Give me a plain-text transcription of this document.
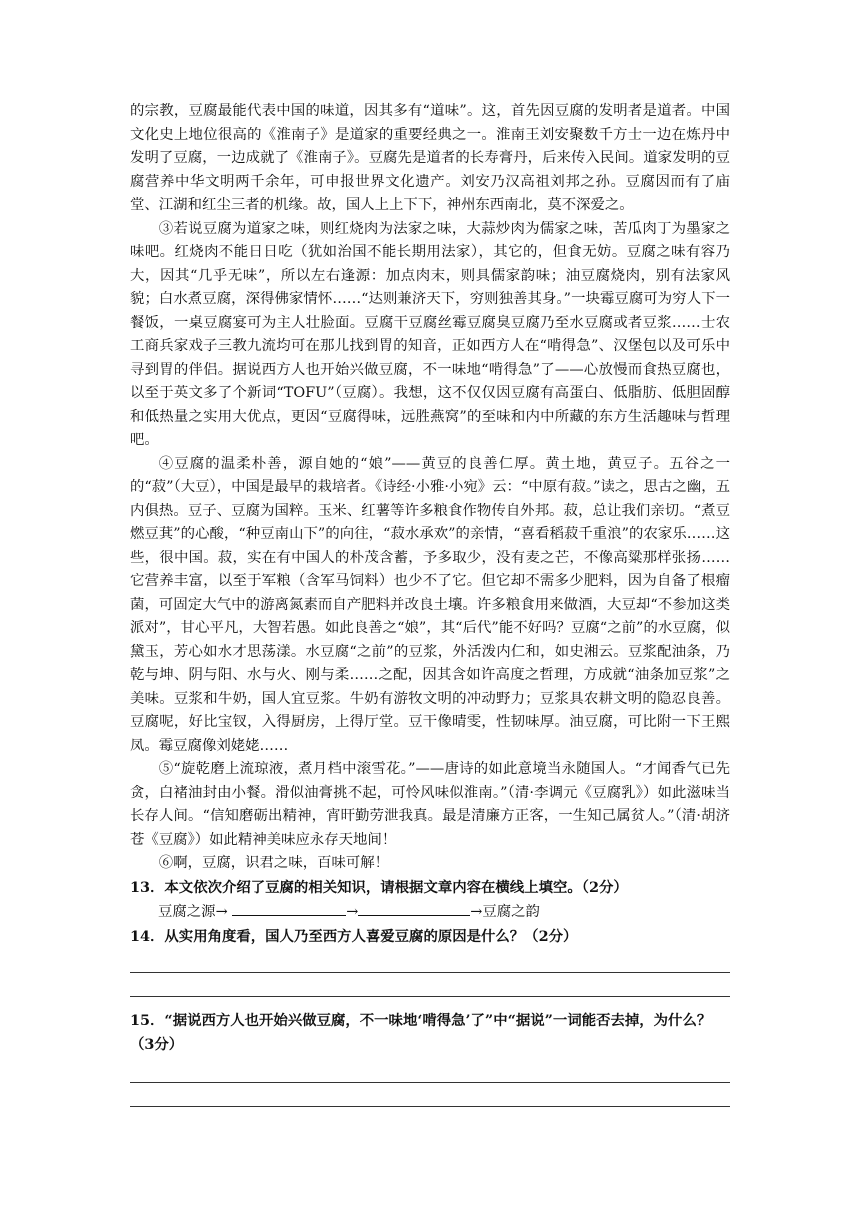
的宗教，豆腐最能代表中国的味道，因其多有“道味”。这，首先因豆腐的发明者是道者。中国文化史上地位很高的《淮南子》是道家的重要经典之一。淮南王刘安聚数千方士一边在炼丹中发明了豆腐，一边成就了《淮南子》。豆腐先是道者的长寿膏丹，后来传入民间。道家发明的豆腐营养中华文明两千余年，可申报世界文化遗产。刘安乃汉高祖刘邦之孙。豆腐因而有了庙堂、江湖和红尘三者的机缘。故，国人上上下下，神州东西南北，莫不深爱之。

③若说豆腐为道家之味，则红烧肉为法家之味，大蒜炒肉为儒家之味，苦瓜肉丁为墨家之味吧。红烧肉不能日日吃（犹如治国不能长期用法家），其它的，但食无妨。豆腐之味有容乃大，因其“几乎无味”，所以左右逢源：加点肉末，则具儒家韵味；油豆腐烧肉，别有法家风貌；白水煮豆腐，深得佛家情怀……“达则兼济天下，穷则独善其身。”一块霉豆腐可为穷人下一餐饭，一桌豆腐宴可为主人壮脸面。豆腐干豆腐丝霉豆腐臭豆腐乃至水豆腐或者豆浆……士农工商兵家戏子三教九流均可在那儿找到胃的知音，正如西方人在“啃得急”、汉堡包以及可乐中寻到胃的伴侣。据说西方人也开始兴做豆腐，不一味地“啃得急”了——心放慢而食热豆腐也，以至于英文多了个新词“TOFU”（豆腐）。我想，这不仅仅因豆腐有高蛋白、低脂肪、低胆固醇和低热量之实用大优点，更因“豆腐得味，远胜燕窝”的至味和内中所藏的东方生活趣味与哲理吧。

④豆腐的温柔朴善，源自她的“娘”——黄豆的良善仁厚。黄土地，黄豆子。五谷之一的“菽”（大豆），中国是最早的栽培者。《诗经·小雅·小宛》云：“中原有菽。”读之，思古之幽，五内俱热。豆子、豆腐为国粹。玉米、红薯等许多粮食作物传自外邦。菽，总让我们亲切。“煮豆燃豆萁”的心酸，“种豆南山下”的向往，“菽水承欢”的亲情，“喜看稻菽千重浪”的农家乐……这些，很中国。菽，实在有中国人的朴茂含蓄，予多取少，没有麦之芒，不像高粱那样张扬……它营养丰富，以至于军粮（含军马饲料）也少不了它。但它却不需多少肥料，因为自备了根瘤菌，可固定大气中的游离氮素而自产肥料并改良土壤。许多粮食用来做酒，大豆却“不参加这类派对”，甘心平凡，大智若愚。如此良善之“娘”，其“后代”能不好吗？豆腐“之前”的水豆腐，似黛玉，芳心如水才思荡漾。水豆腐“之前”的豆浆，外活泼内仁和，如史湘云。豆浆配油条，乃乾与坤、阴与阳、水与火、刚与柔……之配，因其含如许高度之哲理，方成就“油条加豆浆”之美味。豆浆和牛奶，国人宜豆浆。牛奶有游牧文明的冲动野力；豆浆具农耕文明的隐忍良善。豆腐呢，好比宝钗，入得厨房，上得厅堂。豆干像晴雯，性韧味厚。油豆腐，可比附一下王熙凤。霉豆腐像刘姥姥……

⑤“旋乾磨上流琼液，煮月档中滚雪花。”——唐诗的如此意境当永随国人。“才闻香气已先贪，白褚油封由小餐。滑似油膏挑不起，可怜风味似淮南。”（清·李调元《豆腐乳》）如此滋味当长存人间。“信知磨砺出精神，宵旰勤劳泄我真。最是清廉方正客，一生知己属贫人。”（清·胡济苍《豆腐》）如此精神美味应永存天地间！

⑥啊，豆腐，识君之味，百味可解！

13．本文依次介绍了豆腐的相关知识，请根据文章内容在横线上填空。（2分）

豆腐之源→	→	→豆腐之韵

14．从实用角度看，国人乃至西方人喜爱豆腐的原因是什么？（2分）

15．“据说西方人也开始兴做豆腐，不一味地‘啃得急’了”中“据说”一词能否去掉，为什么？（3分）
